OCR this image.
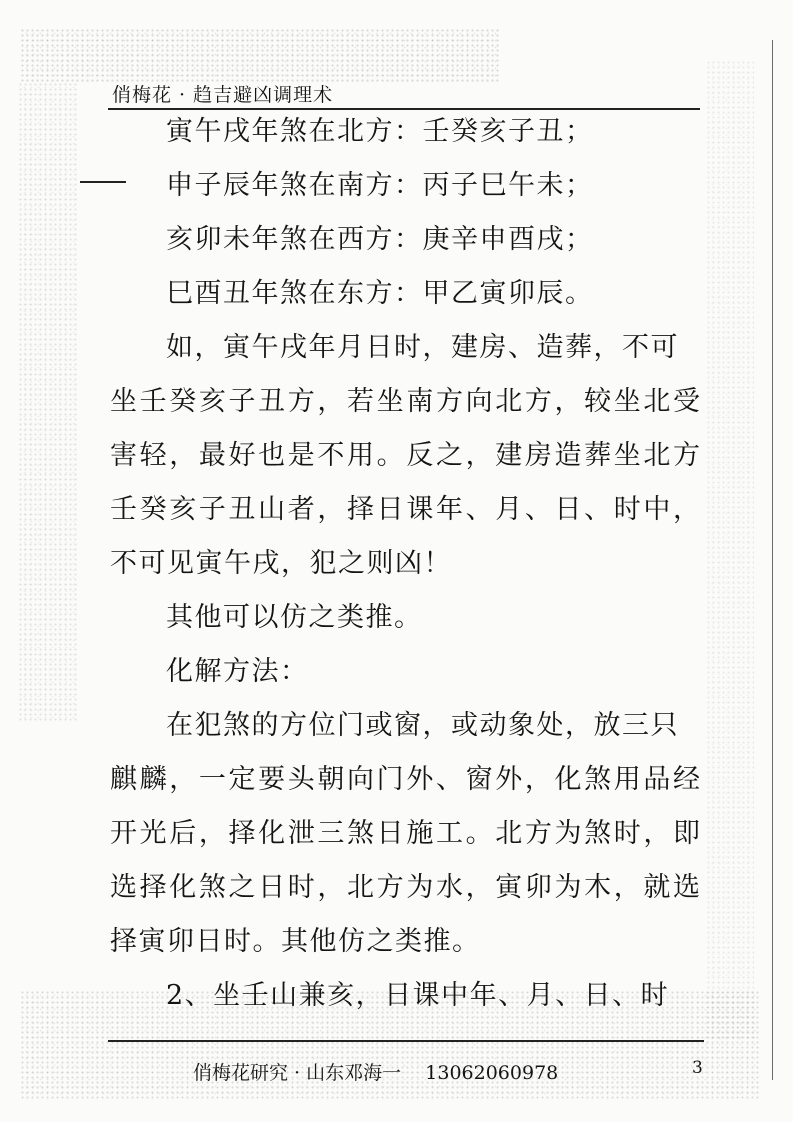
俏梅花 · 趋吉避凶调理术
寅午戌年煞在北方：壬癸亥子丑；
申子辰年煞在南方：丙子巳午未；
亥卯未年煞在西方：庚辛申酉戌；
巳酉丑年煞在东方：甲乙寅卯辰。
如，寅午戌年月日时，建房、造葬，不可
坐壬癸亥子丑方，若坐南方向北方，较坐北受
害轻，最好也是不用。反之，建房造葬坐北方
壬癸亥子丑山者，择日课年、月、日、时中，
不可见寅午戌，犯之则凶！
其他可以仿之类推。
化解方法：
在犯煞的方位门或窗，或动象处，放三只
麒麟，一定要头朝向门外、窗外，化煞用品经
开光后，择化泄三煞日施工。北方为煞时，即
选择化煞之日时，北方为水，寅卯为木，就选
择寅卯日时。其他仿之类推。
2、坐壬山兼亥，日课中年、月、日、时
俏梅花研究 · 山东邓海一    13062060978	3
